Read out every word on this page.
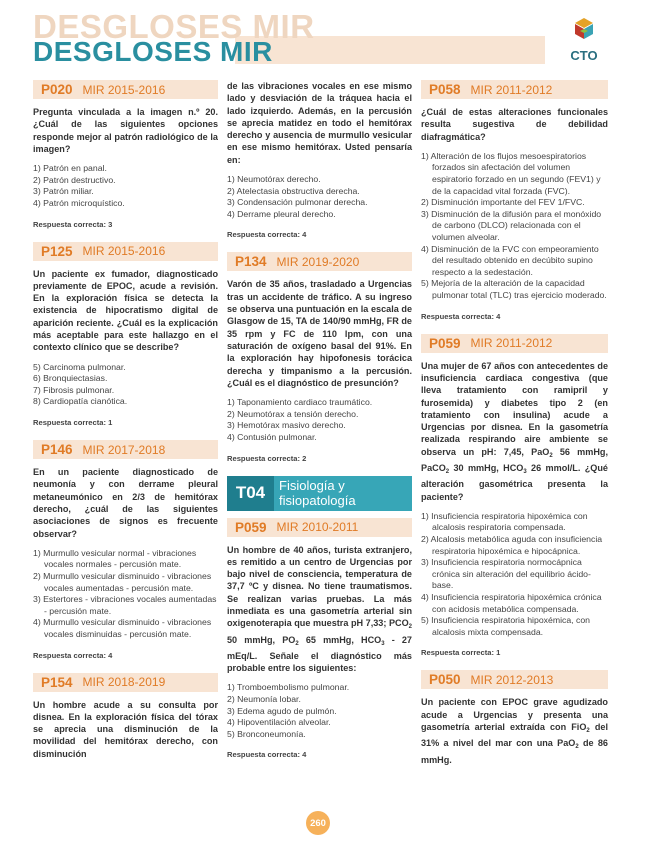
DESGLOSES MIR
DESGLOSES MIR	CTO
P020 MIR 2015-2016

Pregunta vinculada a la imagen n.º 20. ¿Cuál de las siguientes opciones responde mejor al patrón radiológico de la imagen?

1) Patrón en panal.
2) Patrón destructivo.
3) Patrón miliar.
4) Patrón microquístico.

Respuesta correcta: 3

P125 MIR 2015-2016

Un paciente ex fumador, diagnosticado previamente de EPOC, acude a revisión. En la exploración física se detecta la existencia de hipocratismo digital de aparición reciente. ¿Cuál es la explicación más aceptable para este hallazgo en el contexto clínico que se describe?

5) Carcinoma pulmonar.
6) Bronquiectasias.
7) Fibrosis pulmonar.
8) Cardiopatía cianótica.

Respuesta correcta: 1

P146 MIR 2017-2018

En un paciente diagnosticado de neumonía y con derrame pleural metaneumónico en 2/3 de hemitórax derecho, ¿cuál de las siguientes asociaciones de signos es frecuente observar?

1) Murmullo vesicular normal - vibraciones vocales normales - percusión mate.
2) Murmullo vesicular disminuido - vibraciones vocales aumentadas - percusión mate.
3) Estertores - vibraciones vocales aumentadas - percusión mate.
4) Murmullo vesicular disminuido - vibraciones vocales disminuidas - percusión mate.

Respuesta correcta: 4

P154 MIR 2018-2019

Un hombre acude a su consulta por disnea. En la exploración física del tórax se aprecia una disminución de la movilidad del hemitórax derecho, con disminución

de las vibraciones vocales en ese mismo lado y desviación de la tráquea hacia el lado izquierdo. Además, en la percusión se aprecia matidez en todo el hemitórax derecho y ausencia de murmullo vesicular en ese mismo hemitórax. Usted pensaría en:

1) Neumotórax derecho.
2) Atelectasia obstructiva derecha.
3) Condensación pulmonar derecha.
4) Derrame pleural derecho.

Respuesta correcta: 4

P134 MIR 2019-2020

Varón de 35 años, trasladado a Urgencias tras un accidente de tráfico. A su ingreso se observa una puntuación en la escala de Glasgow de 15, TA de 140/90 mmHg, FR de 35 rpm y FC de 110 lpm, con una saturación de oxígeno basal del 91%. En la exploración hay hipofonesis torácica derecha y timpanismo a la percusión. ¿Cuál es el diagnóstico de presunción?

1) Taponamiento cardiaco traumático.
2) Neumotórax a tensión derecho.
3) Hemotórax masivo derecho.
4) Contusión pulmonar.

Respuesta correcta: 2

T04	Fisiología y fisiopatología
P059 MIR 2010-2011

Un hombre de 40 años, turista extranjero, es remitido a un centro de Urgencias por bajo nivel de consciencia, temperatura de 37,7 ºC y disnea. No tiene traumatismos. Se realizan varias pruebas. La más inmediata es una gasometría arterial sin oxigenoterapia que muestra pH 7,33; $PCO_2$ 50 mmHg, $PO_2$ 65 mmHg, $HCO_3 - 27$ mEq/L. Señale el diagnóstico más probable entre los siguientes:

1) Tromboembolismo pulmonar.
2) Neumonía lobar.
3) Edema agudo de pulmón.
4) Hipoventilación alveolar.
5) Bronconeumonía.

Respuesta correcta: 4

P058 MIR 2011-2012

¿Cuál de estas alteraciones funcionales resulta sugestiva de debilidad diafragmática?

1) Alteración de los flujos mesoespiratorios forzados sin afectación del volumen espiratorio forzado en un segundo (FEV1) y de la capacidad vital forzada (FVC).
2) Disminución importante del FEV 1/FVC.
3) Disminución de la difusión para el monóxido de carbono (DLCO) relacionada con el volumen alveolar.
4) Disminución de la FVC con empeoramiento del resultado obtenido en decúbito supino respecto a la sedestación.
5) Mejoría de la alteración de la capacidad pulmonar total (TLC) tras ejercicio moderado.

Respuesta correcta: 4

P059 MIR 2011-2012

Una mujer de 67 años con antecedentes de insuficiencia cardiaca congestiva (que lleva tratamiento con ramipril y furosemida) y diabetes tipo 2 (en tratamiento con insulina) acude a Urgencias por disnea. En la gasometría realizada respirando aire ambiente se observa un pH: 7,45, PaO$_2$ 56 mmHg, PaCO$_2$ 30 mmHg, $HCO_3$ 26 mmol/L. ¿Qué alteración gasométrica presenta la paciente?

1) Insuficiencia respiratoria hipoxémica con alcalosis respiratoria compensada.
2) Alcalosis metabólica aguda con insuficiencia respiratoria hipoxémica e hipocápnica.
3) Insuficiencia respiratoria normocápnica crónica sin alteración del equilibrio ácido-base.
4) Insuficiencia respiratoria hipoxémica crónica con acidosis metabólica compensada.
5) Insuficiencia respiratoria hipoxémica, con alcalosis mixta compensada.

Respuesta correcta: 1

P050 MIR 2012-2013

Un paciente con EPOC grave agudizado acude a Urgencias y presenta una gasometría arterial extraída con FiO$_2$ del 31% a nivel del mar con una PaO$_2$ de 86 mmHg.

260
